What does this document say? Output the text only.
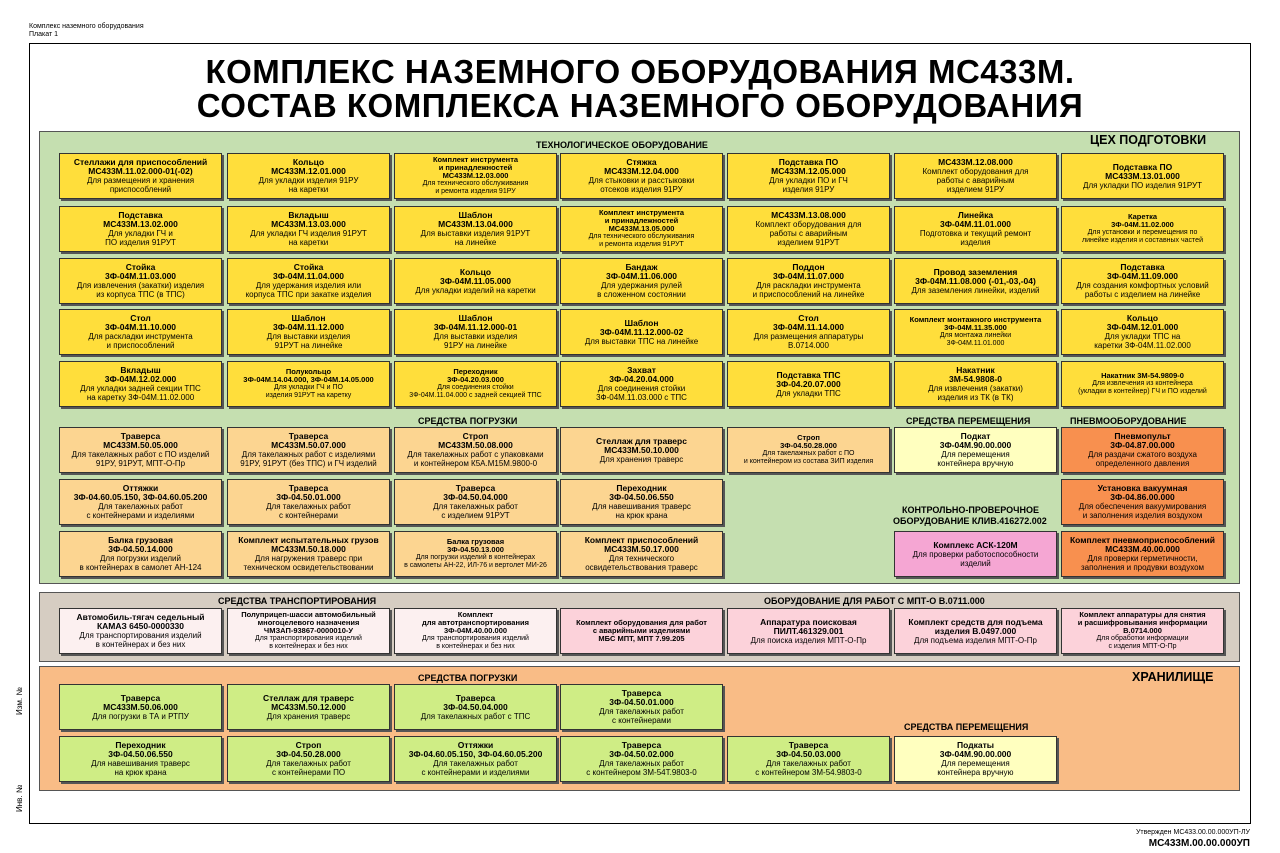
Комплекс наземного оборудования
Плакат 1
КОМПЛЕКС НАЗЕМНОГО ОБОРУДОВАНИЯ МС433М.
СОСТАВ КОМПЛЕКСА НАЗЕМНОГО ОБОРУДОВАНИЯ
ЦЕХ ПОДГОТОВКИ
ТЕХНОЛОГИЧЕСКОЕ ОБОРУДОВАНИЕ
Стеллажи для приспособлений
МС433М.11.02.000-01(-02)
Для размещения и хранения
приспособлений
Кольцо
МС433М.12.01.000
Для укладки изделия 91РУ
на каретки
Комплект инструмента
и принадлежностей
МС433М.12.03.000
Для технического обслуживания
и ремонта изделия 91РУ
Стяжка
МС433М.12.04.000
Для стыковки и расстыковки
отсеков изделия 91РУ
Подставка ПО
МС433М.12.05.000
Для укладки ПО и ГЧ
изделия 91РУ
МС433М.12.08.000
Комплект оборудования для
работы с аварийным
изделием 91РУ
Подставка ПО
МС433М.13.01.000
Для укладки ПО изделия 91РУТ
Подставка
МС433М.13.02.000
Для укладки ГЧ и
ПО изделия 91РУТ
Вкладыш
МС433М.13.03.000
Для укладки ГЧ изделия 91РУТ
на каретки
Шаблон
МС433М.13.04.000
Для выставки изделия 91РУТ
на линейке
Комплект инструмента
и принадлежностей
МС433М.13.05.000
Для технического обслуживания
и ремонта изделия 91РУТ
МС433М.13.08.000
Комплект оборудования для
работы с аварийным
изделием 91РУТ
Линейка
3Ф-04М.11.01.000
Подготовка и текущий ремонт
изделия
Каретка
3Ф-04М.11.02.000
Для установки и перемещения по
линейке изделия и составных частей
Стойка
3Ф-04М.11.03.000
Для извлечения (закатки) изделия
из корпуса ТПС (в ТПС)
Стойка
3Ф-04М.11.04.000
Для удержания изделия или
корпуса ТПС при закатке изделия
Кольцо
3Ф-04М.11.05.000
Для укладки изделий на каретки
Бандаж
3Ф-04М.11.06.000
Для удержания рулей
в сложенном состоянии
Поддон
3Ф-04М.11.07.000
Для раскладки инструмента
и приспособлений на линейке
Провод заземления
3Ф-04М.11.08.000 (-01,-03,-04)
Для заземления линейки, изделий
Подставка
3Ф-04М.11.09.000
Для создания комфортных условий
работы с изделием на линейке
Стол
3Ф-04М.11.10.000
Для раскладки инструмента
и приспособлений
Шаблон
3Ф-04М.11.12.000
Для выставки изделия
91РУТ на линейке
Шаблон
3Ф-04М.11.12.000-01
Для выставки изделия
91РУ на линейке
Шаблон
3Ф-04М.11.12.000-02
Для выставки ТПС на линейке
Стол
3Ф-04М.11.14.000
Для размещения аппаратуры
В.0714.000
Комплект монтажного инструмента
3Ф-04М.11.35.000
Для монтажа линейки
3Ф-04М.11.01.000
Кольцо
3Ф-04М.12.01.000
Для укладки ТПС на
каретки 3Ф-04М.11.02.000
Вкладыш
3Ф-04М.12.02.000
Для укладки задней секции ТПС
на каретку 3Ф-04М.11.02.000
Полукольцо
3Ф-04М.14.04.000, 3Ф-04М.14.05.000
Для укладки ГЧ и ПО
изделия 91РУТ на каретку
Переходник
3Ф-04.20.03.000
Для соединения стойки
3Ф-04М.11.04.000 с задней секцией ТПС
Захват
3Ф-04.20.04.000
Для соединения стойки
3Ф-04М.11.03.000 с ТПС
Подставка ТПС
3Ф-04.20.07.000
Для укладки ТПС
Накатник
3М-54.9808-0
Для извлечения (закатки)
изделия из ТК (в ТК)
Накатник 3М-54.9809-0
Для извлечения из контейнера
(укладки в контейнер) ГЧ и ПО изделий
СРЕДСТВА ПОГРУЗКИ	СРЕДСТВА ПЕРЕМЕЩЕНИЯ	ПНЕВМООБОРУДОВАНИЕ
КОНТРОЛЬНО-ПРОВЕРОЧНОЕ
ОБОРУДОВАНИЕ КЛИВ.416272.002
Траверса
МС433М.50.05.000
Для такелажных работ с ПО изделий
91РУ, 91РУТ, МПТ-О-Пр
Траверса
МС433М.50.07.000
Для такелажных работ с изделиями
91РУ, 91РУТ (без ТПС) и ГЧ изделий
Строп
МС433М.50.08.000
Для такелажных работ с упаковками
и контейнером К5А.М15М.9800-0
Стеллаж для траверс
МС433М.50.10.000
Для хранения траверс
Строп
3Ф-04.50.28.000
Для такелажных работ с ПО
и контейнером из состава ЗИП изделия
Оттяжки
3Ф-04.60.05.150, 3Ф-04.60.05.200
Для такелажных работ
с контейнерами и изделиями
Траверса
3Ф-04.50.01.000
Для такелажных работ
с контейнерами
Траверса
3Ф-04.50.04.000
Для такелажных работ
с изделием 91РУТ
Переходник
3Ф-04.50.06.550
Для навешивания траверс
на крюк крана
Балка грузовая
3Ф-04.50.14.000
Для погрузки изделий
в контейнерах в самолет АН-124
Комплект испытательных грузов
МС433М.50.18.000
Для нагружения траверс при
техническом освидетельствовании
Балка грузовая
3Ф-04.50.13.000
Для погрузки изделий в контейнерах
в самолеты АН-22, ИЛ-76 и вертолет МИ-26
Комплект приспособлений
МС433М.50.17.000
Для технического
освидетельствования траверс
Подкат
3Ф-04М.90.00.000
Для перемещения
контейнера вручную
Пневмопульт
3Ф-04.87.00.000
Для раздачи сжатого воздуха
определенного давления
Установка вакуумная
3Ф-04.86.00.000
Для обеспечения вакуумирования
и заполнения изделия воздухом
Комплект пневмоприспособлений
МС433М.40.00.000
Для проверки герметичности,
заполнения и продувки воздухом
Комплекс АСК-120М
Для проверки работоспособности
изделий
СРЕДСТВА ТРАНСПОРТИРОВАНИЯ	ОБОРУДОВАНИЕ ДЛЯ РАБОТ С МПТ-О В.0711.000
Автомобиль-тягач седельный
КАМАЗ 6450-0000330
Для транспортирования изделий
в контейнерах и без них
Полуприцеп-шасси автомобильный
многоцелевого назначения
ЧМЗАП-93867-0000010-У
Для транспортирования изделий
в контейнерах и без них
Комплект
для автотранспортирования
3Ф-04М.40.00.000
Для транспортирования изделий
в контейнерах и без них
Комплект оборудования для работ
с аварийными изделиями
МБС МПТ, МПТ 7.99.205
Аппаратура поисковая
ПИЛТ.461329.001
Для поиска изделия МПТ-О-Пр
Комплект средств для подъема
изделия В.0497.000
Для подъема изделия МПТ-О-Пр
Комплект аппаратуры для снятия
и расшифровывания информации
В.0714.000
Для обработки информации
с изделия МПТ-О-Пр
ХРАНИЛИЩЕ
СРЕДСТВА ПОГРУЗКИ
СРЕДСТВА ПЕРЕМЕЩЕНИЯ
Траверса
МС433М.50.06.000
Для погрузки в ТА и РТПУ
Стеллаж для траверс
МС433М.50.12.000
Для хранения траверс
Траверса
3Ф-04.50.04.000
Для такелажных работ с ТПС
Траверса
3Ф-04.50.01.000
Для такелажных работ
с контейнерами
Переходник
3Ф-04.50.06.550
Для навешивания траверс
на крюк крана
Строп
3Ф-04.50.28.000
Для такелажных работ
с контейнерами ПО
Оттяжки
3Ф-04.60.05.150, 3Ф-04.60.05.200
Для такелажных работ
с контейнерами и изделиями
Траверса
3Ф-04.50.02.000
Для такелажных работ
с контейнером 3М-54Т.9803-0
Траверса
3Ф-04.50.03.000
Для такелажных работ
с контейнером 3М-54.9803-0
Подкаты
3Ф-04М.90.00.000
Для перемещения
контейнера вручную
Изм. №
Инв. №
Утвержден МС433.00.00.000УП-ЛУ
МС433М.00.00.000УП
